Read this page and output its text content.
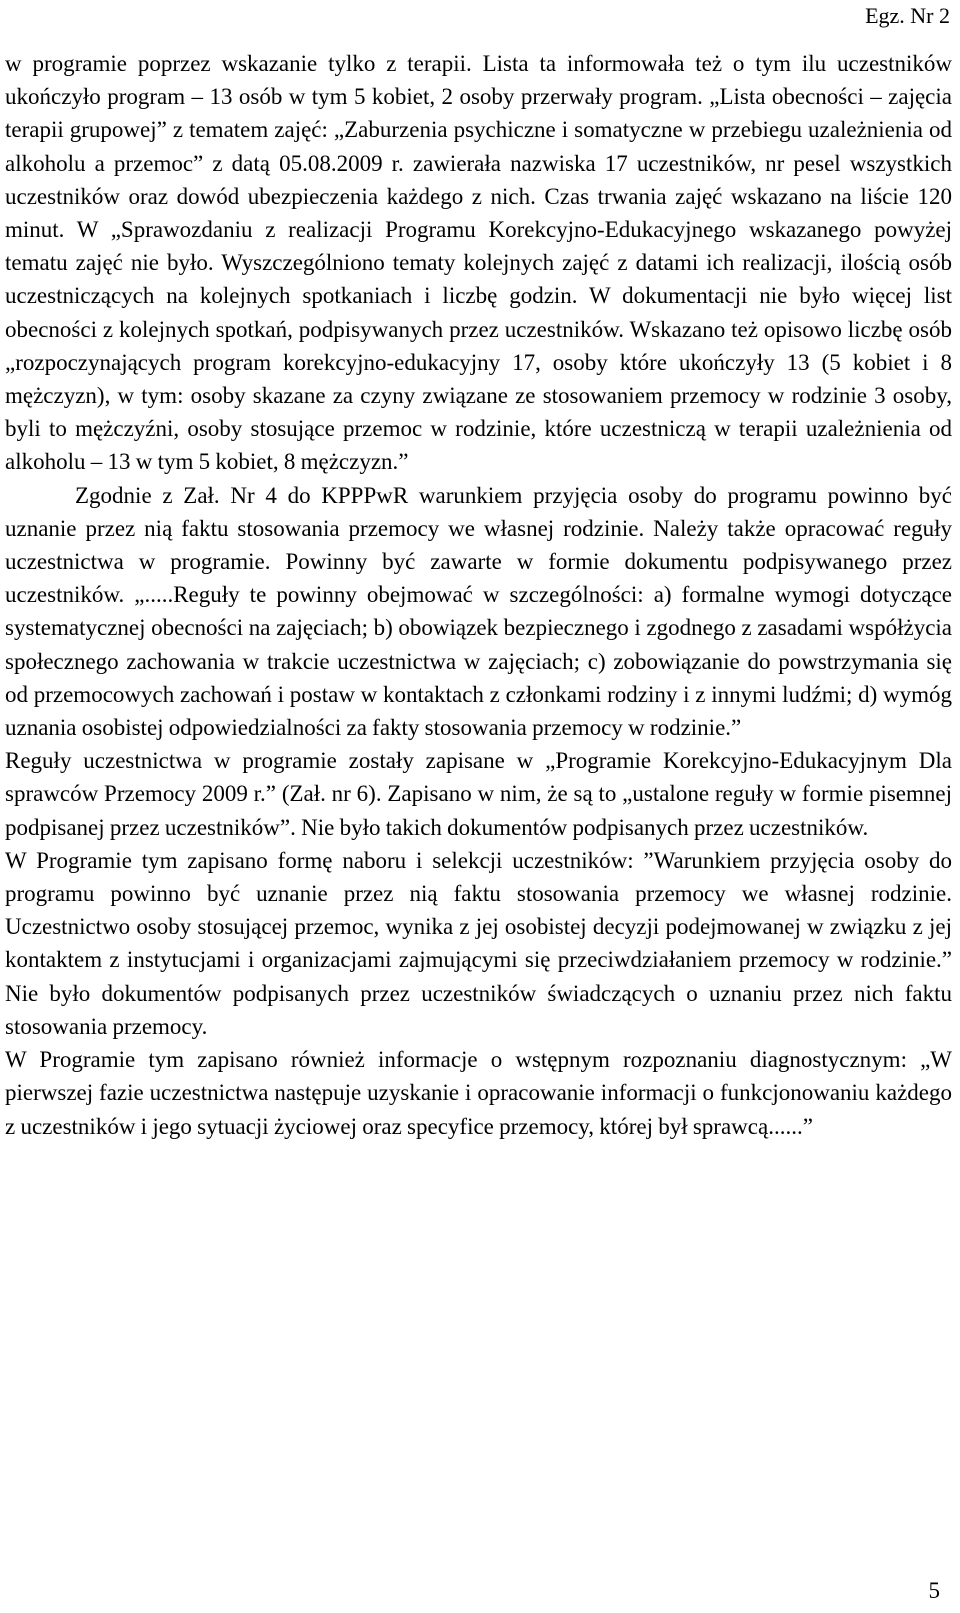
Egz. Nr 2

w programie poprzez wskazanie tylko z terapii. Lista ta informowała też o tym ilu uczestników ukończyło program – 13 osób w tym 5 kobiet, 2 osoby przerwały program. „Lista obecności – zajęcia terapii grupowej” z tematem zajęć: „Zaburzenia psychiczne i somatyczne w przebiegu uzależnienia od alkoholu a przemoc” z datą 05.08.2009 r. zawierała nazwiska 17 uczestników, nr pesel wszystkich uczestników oraz dowód ubezpieczenia każdego z nich. Czas trwania zajęć wskazano na liście 120 minut. W „Sprawozdaniu z realizacji Programu Korekcyjno-Edukacyjnego wskazanego powyżej tematu zajęć nie było. Wyszczególniono tematy kolejnych zajęć z datami ich realizacji, ilością osób uczestniczących na kolejnych spotkaniach i liczbę godzin. W dokumentacji nie było więcej list obecności z kolejnych spotkań, podpisywanych przez uczestników. Wskazano też opisowo liczbę osób „rozpoczynających program korekcyjno-edukacyjny 17, osoby które ukończyły 13 (5 kobiet i 8 mężczyzn), w tym: osoby skazane za czyny związane ze stosowaniem przemocy w rodzinie 3 osoby, byli to mężczyźni, osoby stosujące przemoc w rodzinie, które uczestniczą w terapii uzależnienia od alkoholu – 13 w tym 5 kobiet, 8 mężczyzn.”

Zgodnie z Zał. Nr 4 do KPPPwR warunkiem przyjęcia osoby do programu powinno być uznanie przez nią faktu stosowania przemocy we własnej rodzinie. Należy także opracować reguły uczestnictwa w programie. Powinny być zawarte w formie dokumentu podpisywanego przez uczestników. „.....Reguły te powinny obejmować w szczególności: a) formalne wymogi dotyczące systematycznej obecności na zajęciach; b) obowiązek bezpiecznego i zgodnego z zasadami współżycia społecznego zachowania w trakcie uczestnictwa w zajęciach; c) zobowiązanie do powstrzymania się od przemocowych zachowań i postaw w kontaktach z członkami rodziny i z innymi ludźmi; d) wymóg uznania osobistej odpowiedzialności za fakty stosowania przemocy w rodzinie.”

Reguły uczestnictwa w programie zostały zapisane w „Programie Korekcyjno-Edukacyjnym Dla sprawców Przemocy 2009 r.” (Zał. nr 6). Zapisano w nim, że są to „ustalone reguły w formie pisemnej podpisanej przez uczestników”. Nie było takich dokumentów podpisanych przez uczestników.

W Programie tym zapisano formę naboru i selekcji uczestników: ”Warunkiem przyjęcia osoby do programu powinno być uznanie przez nią faktu stosowania przemocy we własnej rodzinie. Uczestnictwo osoby stosującej przemoc, wynika z jej osobistej decyzji podejmowanej w związku z jej kontaktem z instytucjami i organizacjami zajmującymi się przeciwdziałaniem przemocy w rodzinie.” Nie było dokumentów podpisanych przez uczestników świadczących o uznaniu przez nich faktu stosowania przemocy.

W Programie tym zapisano również informacje o wstępnym rozpoznaniu diagnostycznym: „W pierwszej fazie uczestnictwa następuje uzyskanie i opracowanie informacji o funkcjonowaniu każdego z uczestników i jego sytuacji życiowej oraz specyfice przemocy, której był sprawcą......”

5
